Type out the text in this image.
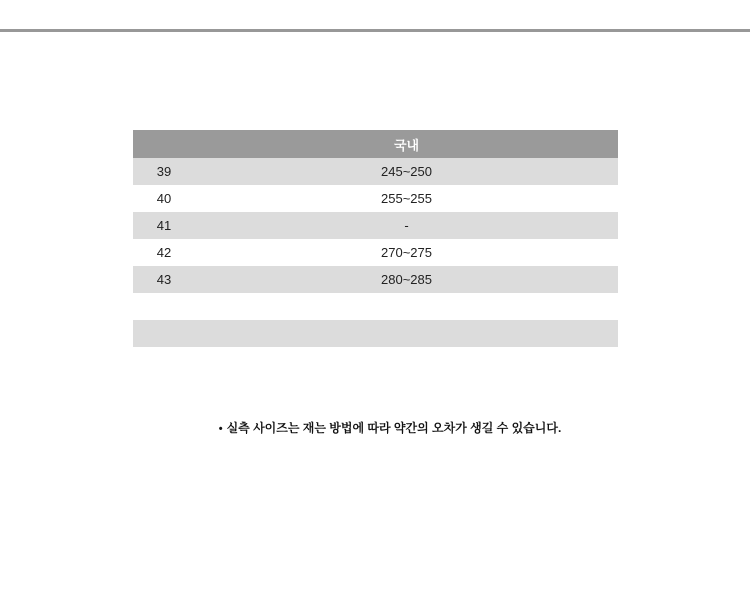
국내
39	245~250
40	255~255
41	-
42	270~275
43	280~285
• 실측 사이즈는 재는 방법에 따라 약간의 오차가 생길 수 있습니다.
